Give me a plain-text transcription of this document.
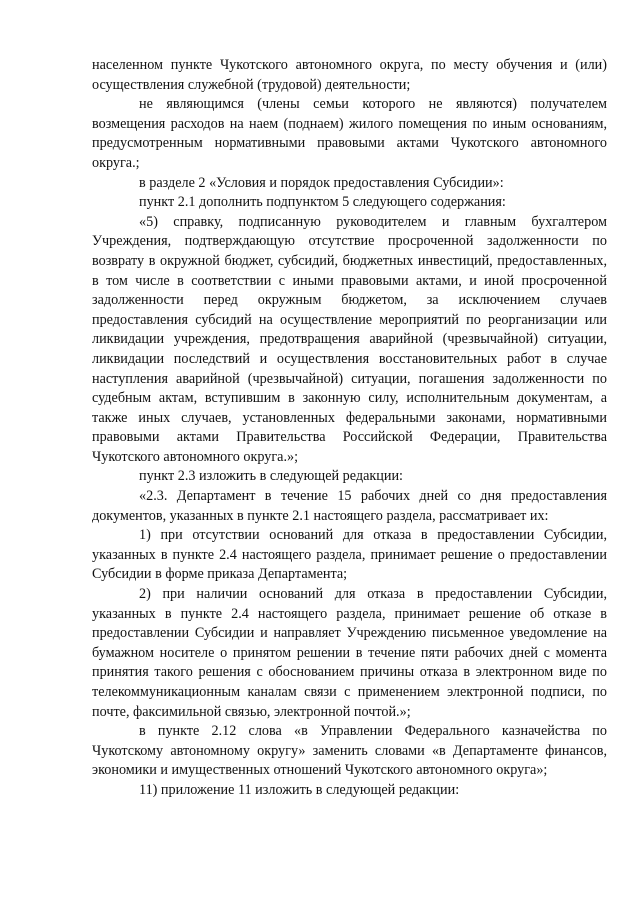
населенном пункте Чукотского автономного округа, по месту обучения и (или) осуществления служебной (трудовой) деятельности;

не являющимся (члены семьи которого не являются) получателем возмещения расходов на наем (поднаем) жилого помещения по иным основаниям, предусмотренным нормативными правовыми актами Чукотского автономного округа.;

в разделе 2 «Условия и порядок предоставления Субсидии»:

пункт 2.1 дополнить подпунктом 5 следующего содержания:

«5) справку, подписанную руководителем и главным бухгалтером Учреждения, подтверждающую отсутствие просроченной задолженности по возврату в окружной бюджет, субсидий, бюджетных инвестиций, предоставленных, в том числе в соответствии с иными правовыми актами, и иной просроченной задолженности перед окружным бюджетом, за исключением случаев предоставления субсидий на осуществление мероприятий по реорганизации или ликвидации учреждения, предотвращения аварийной (чрезвычайной) ситуации, ликвидации последствий и осуществления восстановительных работ в случае наступления аварийной (чрезвычайной) ситуации, погашения задолженности по судебным актам, вступившим в законную силу, исполнительным документам, а также иных случаев, установленных федеральными законами, нормативными правовыми актами Правительства Российской Федерации, Правительства Чукотского автономного округа.»;

пункт 2.3 изложить в следующей редакции:

«2.3. Департамент в течение 15 рабочих дней со дня предоставления документов, указанных в пункте 2.1 настоящего раздела, рассматривает их:

1) при отсутствии оснований для отказа в предоставлении Субсидии, указанных в пункте 2.4 настоящего раздела, принимает решение о предоставлении Субсидии в форме приказа Департамента;

2) при наличии оснований для отказа в предоставлении Субсидии, указанных в пункте 2.4 настоящего раздела, принимает решение об отказе в предоставлении Субсидии и направляет Учреждению письменное уведомление на бумажном носителе о принятом решении в течение пяти рабочих дней с момента принятия такого решения с обоснованием причины отказа в электронном виде по телекоммуникационным каналам связи с применением электронной подписи, по почте, факсимильной связью, электронной почтой.»;

в пункте 2.12 слова «в Управлении Федерального казначейства по Чукотскому автономному округу» заменить словами «в Департаменте финансов, экономики и имущественных отношений Чукотского автономного округа»;

11) приложение 11 изложить в следующей редакции:
